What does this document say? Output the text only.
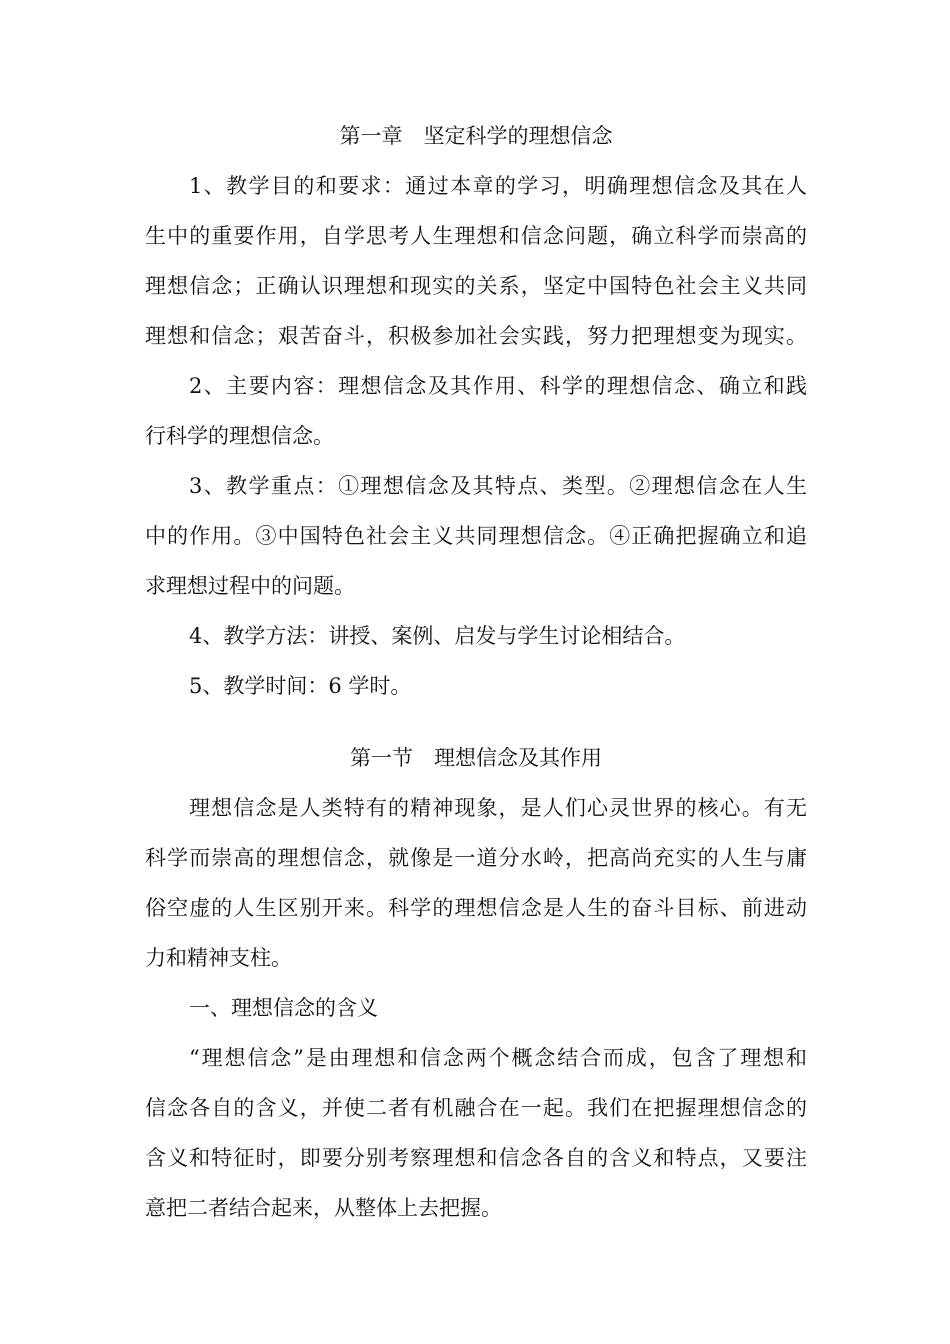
第一章　坚定科学的理想信念
1、教学目的和要求：通过本章的学习，明确理想信念及其在人
生中的重要作用，自学思考人生理想和信念问题，确立科学而崇高的
理想信念；正确认识理想和现实的关系，坚定中国特色社会主义共同
理想和信念；艰苦奋斗，积极参加社会实践，努力把理想变为现实。
2、主要内容：理想信念及其作用、科学的理想信念、确立和践
行科学的理想信念。
3、教学重点：①理想信念及其特点、类型。②理想信念在人生
中的作用。③中国特色社会主义共同理想信念。④正确把握确立和追
求理想过程中的问题。
4、教学方法：讲授、案例、启发与学生讨论相结合。
5、教学时间：6 学时。
第一节　理想信念及其作用
理想信念是人类特有的精神现象，是人们心灵世界的核心。有无
科学而崇高的理想信念，就像是一道分水岭，把高尚充实的人生与庸
俗空虚的人生区别开来。科学的理想信念是人生的奋斗目标、前进动
力和精神支柱。
一、理想信念的含义
“理想信念”是由理想和信念两个概念结合而成，包含了理想和
信念各自的含义，并使二者有机融合在一起。我们在把握理想信念的
含义和特征时，即要分别考察理想和信念各自的含义和特点，又要注
意把二者结合起来，从整体上去把握。
